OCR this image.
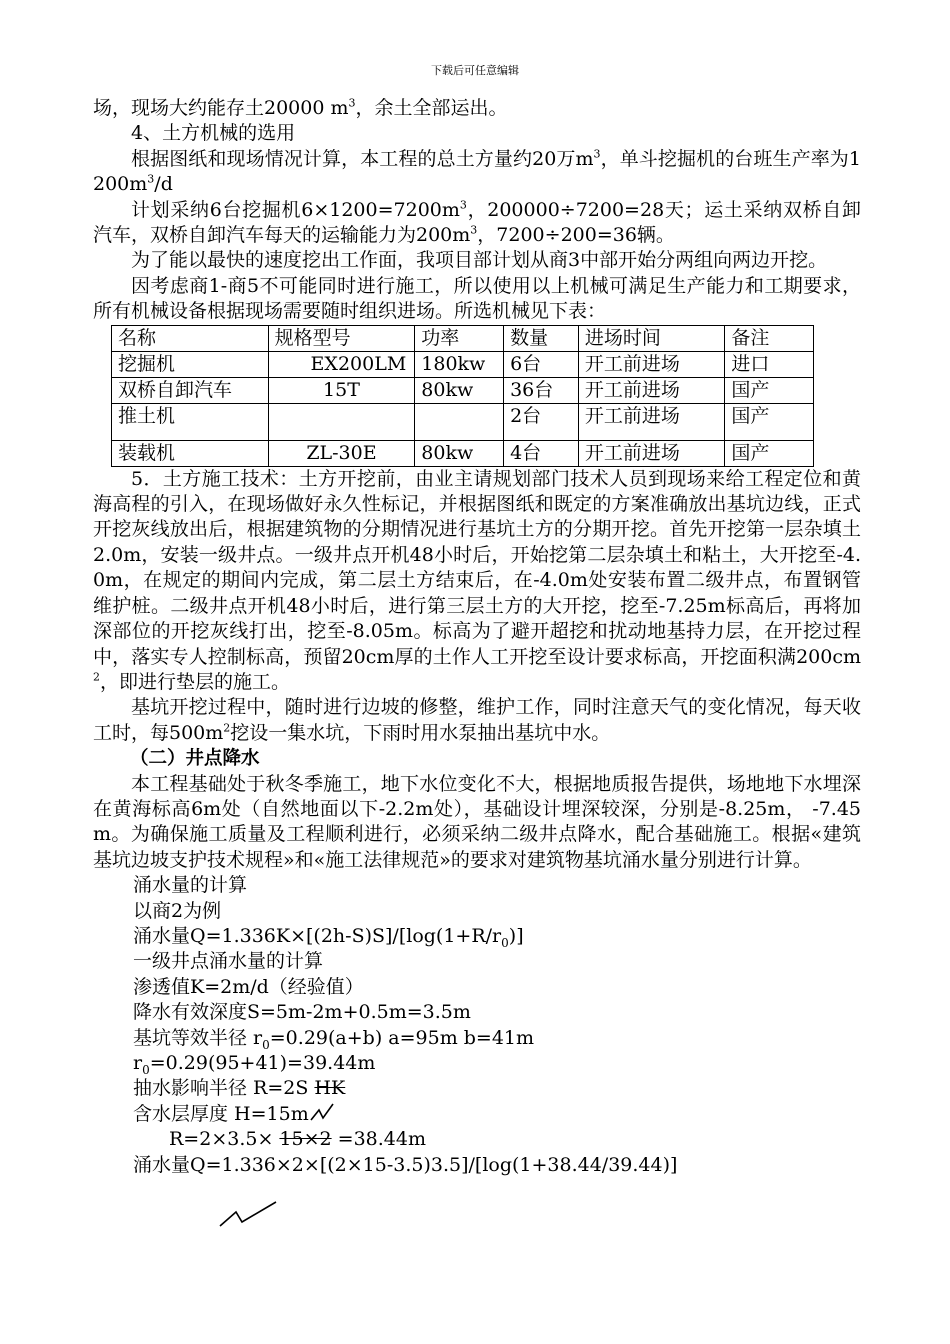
下载后可任意编辑

场，现场大约能存土20000 $m^3$，余土全部运出。

4、土方机械的选用

根据图纸和现场情况计算，本工程的总土方量约20万$m^3$，单斗挖掘机的台班生产率为$1200m^3/d$

计划采纳6台挖掘机$6\times 1200=7200m^3$，200000÷7200=28天；运土采纳双桥自卸汽车，双桥自卸汽车每天的运输能力为$200m^3$，7200÷200=36辆。

为了能以最快的速度挖出工作面，我项目部计划从商3中部开始分两组向两边开挖。

因考虑商1-商5不可能同时进行施工，所以使用以上机械可满足生产能力和工期要求，所有机械设备根据现场需要随时组织进场。所选机械见下表：

名称	规格型号	功率	数量	进场时间	备注
挖掘机	EX200LM	180kw	6台	开工前进场	进口
双桥自卸汽车	15T	80kw	36台	开工前进场	国产
推土机			2台	开工前进场	国产
装载机	ZL-30E	80kw	4台	开工前进场	国产

5．土方施工技术：土方开挖前，由业主请规划部门技术人员到现场来给工程定位和黄海高程的引入，在现场做好永久性标记，并根据图纸和既定的方案准确放出基坑边线，正式开挖灰线放出后，根据建筑物的分期情况进行基坑土方的分期开挖。首先开挖第一层杂填土2.0m，安装一级井点。一级井点开机48小时后，开始挖第二层杂填土和粘土，大开挖至-4.0m，在规定的期间内完成，第二层土方结束后，在-4.0m处安装布置二级井点，布置钢管维护桩。二级井点开机48小时后，进行第三层土方的大开挖，挖至-7.25m标高后，再将加深部位的开挖灰线打出，挖至-8.05m。标高为了避开超挖和扰动地基持力层，在开挖过程中，落实专人控制标高，预留20cm厚的土作人工开挖至设计要求标高，开挖面积满$200cm^2$，即进行垫层的施工。

基坑开挖过程中，随时进行边坡的修整，维护工作，同时注意天气的变化情况，每天收工时，每$500m^2$挖设一集水坑，下雨时用水泵抽出基坑中水。

（二）井点降水

本工程基础处于秋冬季施工，地下水位变化不大，根据地质报告提供，场地地下水埋深在黄海标高6m处（自然地面以下-2.2m处），基础设计埋深较深，分别是-8.25m， -7.45m。为确保施工质量及工程顺利进行，必须采纳二级井点降水，配合基础施工。根据«建筑基坑边坡支护技术规程»和«施工法律规范»的要求对建筑物基坑涌水量分别进行计算。

涌水量的计算

以商2为例

涌水量$Q=1.336K\times[(2h-S)S]/[\log(1+R/r_0)]$

一级井点涌水量的计算

渗透值K=2m/d（经验值）

降水有效深度S=5m-2m+0.5m=3.5m

基坑等效半径 $r_0=0.29(a+b)$ a=95m b=41m

$r_0=0.29(95+41)=39.44m$

抽水影响半径 R=2S HK

含水层厚度 H=15m

R=2×3.5× 15×2 =38.44m

涌水量Q=1.336×2×[(2×15-3.5)3.5]/[log(1+38.44/39.44)]
